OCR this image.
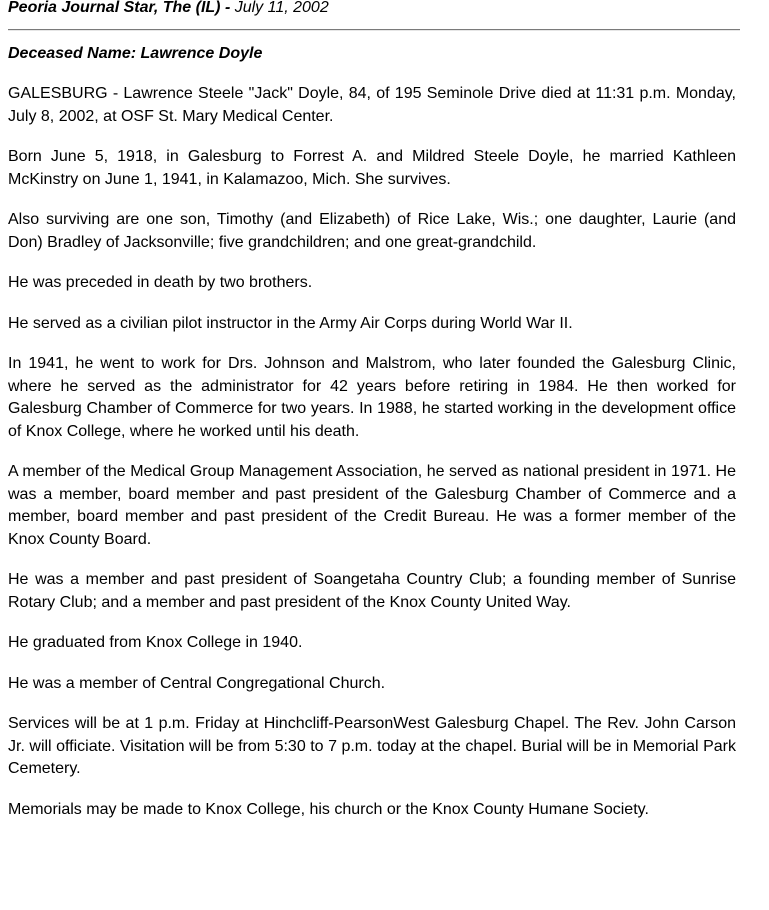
Peoria Journal Star, The (IL) - July 11, 2002
Deceased Name: Lawrence Doyle

GALESBURG - Lawrence Steele "Jack" Doyle, 84, of 195 Seminole Drive died at 11:31 p.m. Monday, July 8, 2002, at OSF St. Mary Medical Center.

Born June 5, 1918, in Galesburg to Forrest A. and Mildred Steele Doyle, he married Kathleen McKinstry on June 1, 1941, in Kalamazoo, Mich. She survives.

Also surviving are one son, Timothy (and Elizabeth) of Rice Lake, Wis.; one daughter, Laurie (and Don) Bradley of Jacksonville; five grandchildren; and one great-grandchild.

He was preceded in death by two brothers.

He served as a civilian pilot instructor in the Army Air Corps during World War II.

In 1941, he went to work for Drs. Johnson and Malstrom, who later founded the Galesburg Clinic, where he served as the administrator for 42 years before retiring in 1984. He then worked for Galesburg Chamber of Commerce for two years. In 1988, he started working in the development office of Knox College, where he worked until his death.

A member of the Medical Group Management Association, he served as national president in 1971. He was a member, board member and past president of the Galesburg Chamber of Commerce and a member, board member and past president of the Credit Bureau. He was a former member of the Knox County Board.

He was a member and past president of Soangetaha Country Club; a founding member of Sunrise Rotary Club; and a member and past president of the Knox County United Way.

He graduated from Knox College in 1940.

He was a member of Central Congregational Church.

Services will be at 1 p.m. Friday at Hinchcliff-PearsonWest Galesburg Chapel. The Rev. John Carson Jr. will officiate. Visitation will be from 5:30 to 7 p.m. today at the chapel. Burial will be in Memorial Park Cemetery.

Memorials may be made to Knox College, his church or the Knox County Humane Society.
